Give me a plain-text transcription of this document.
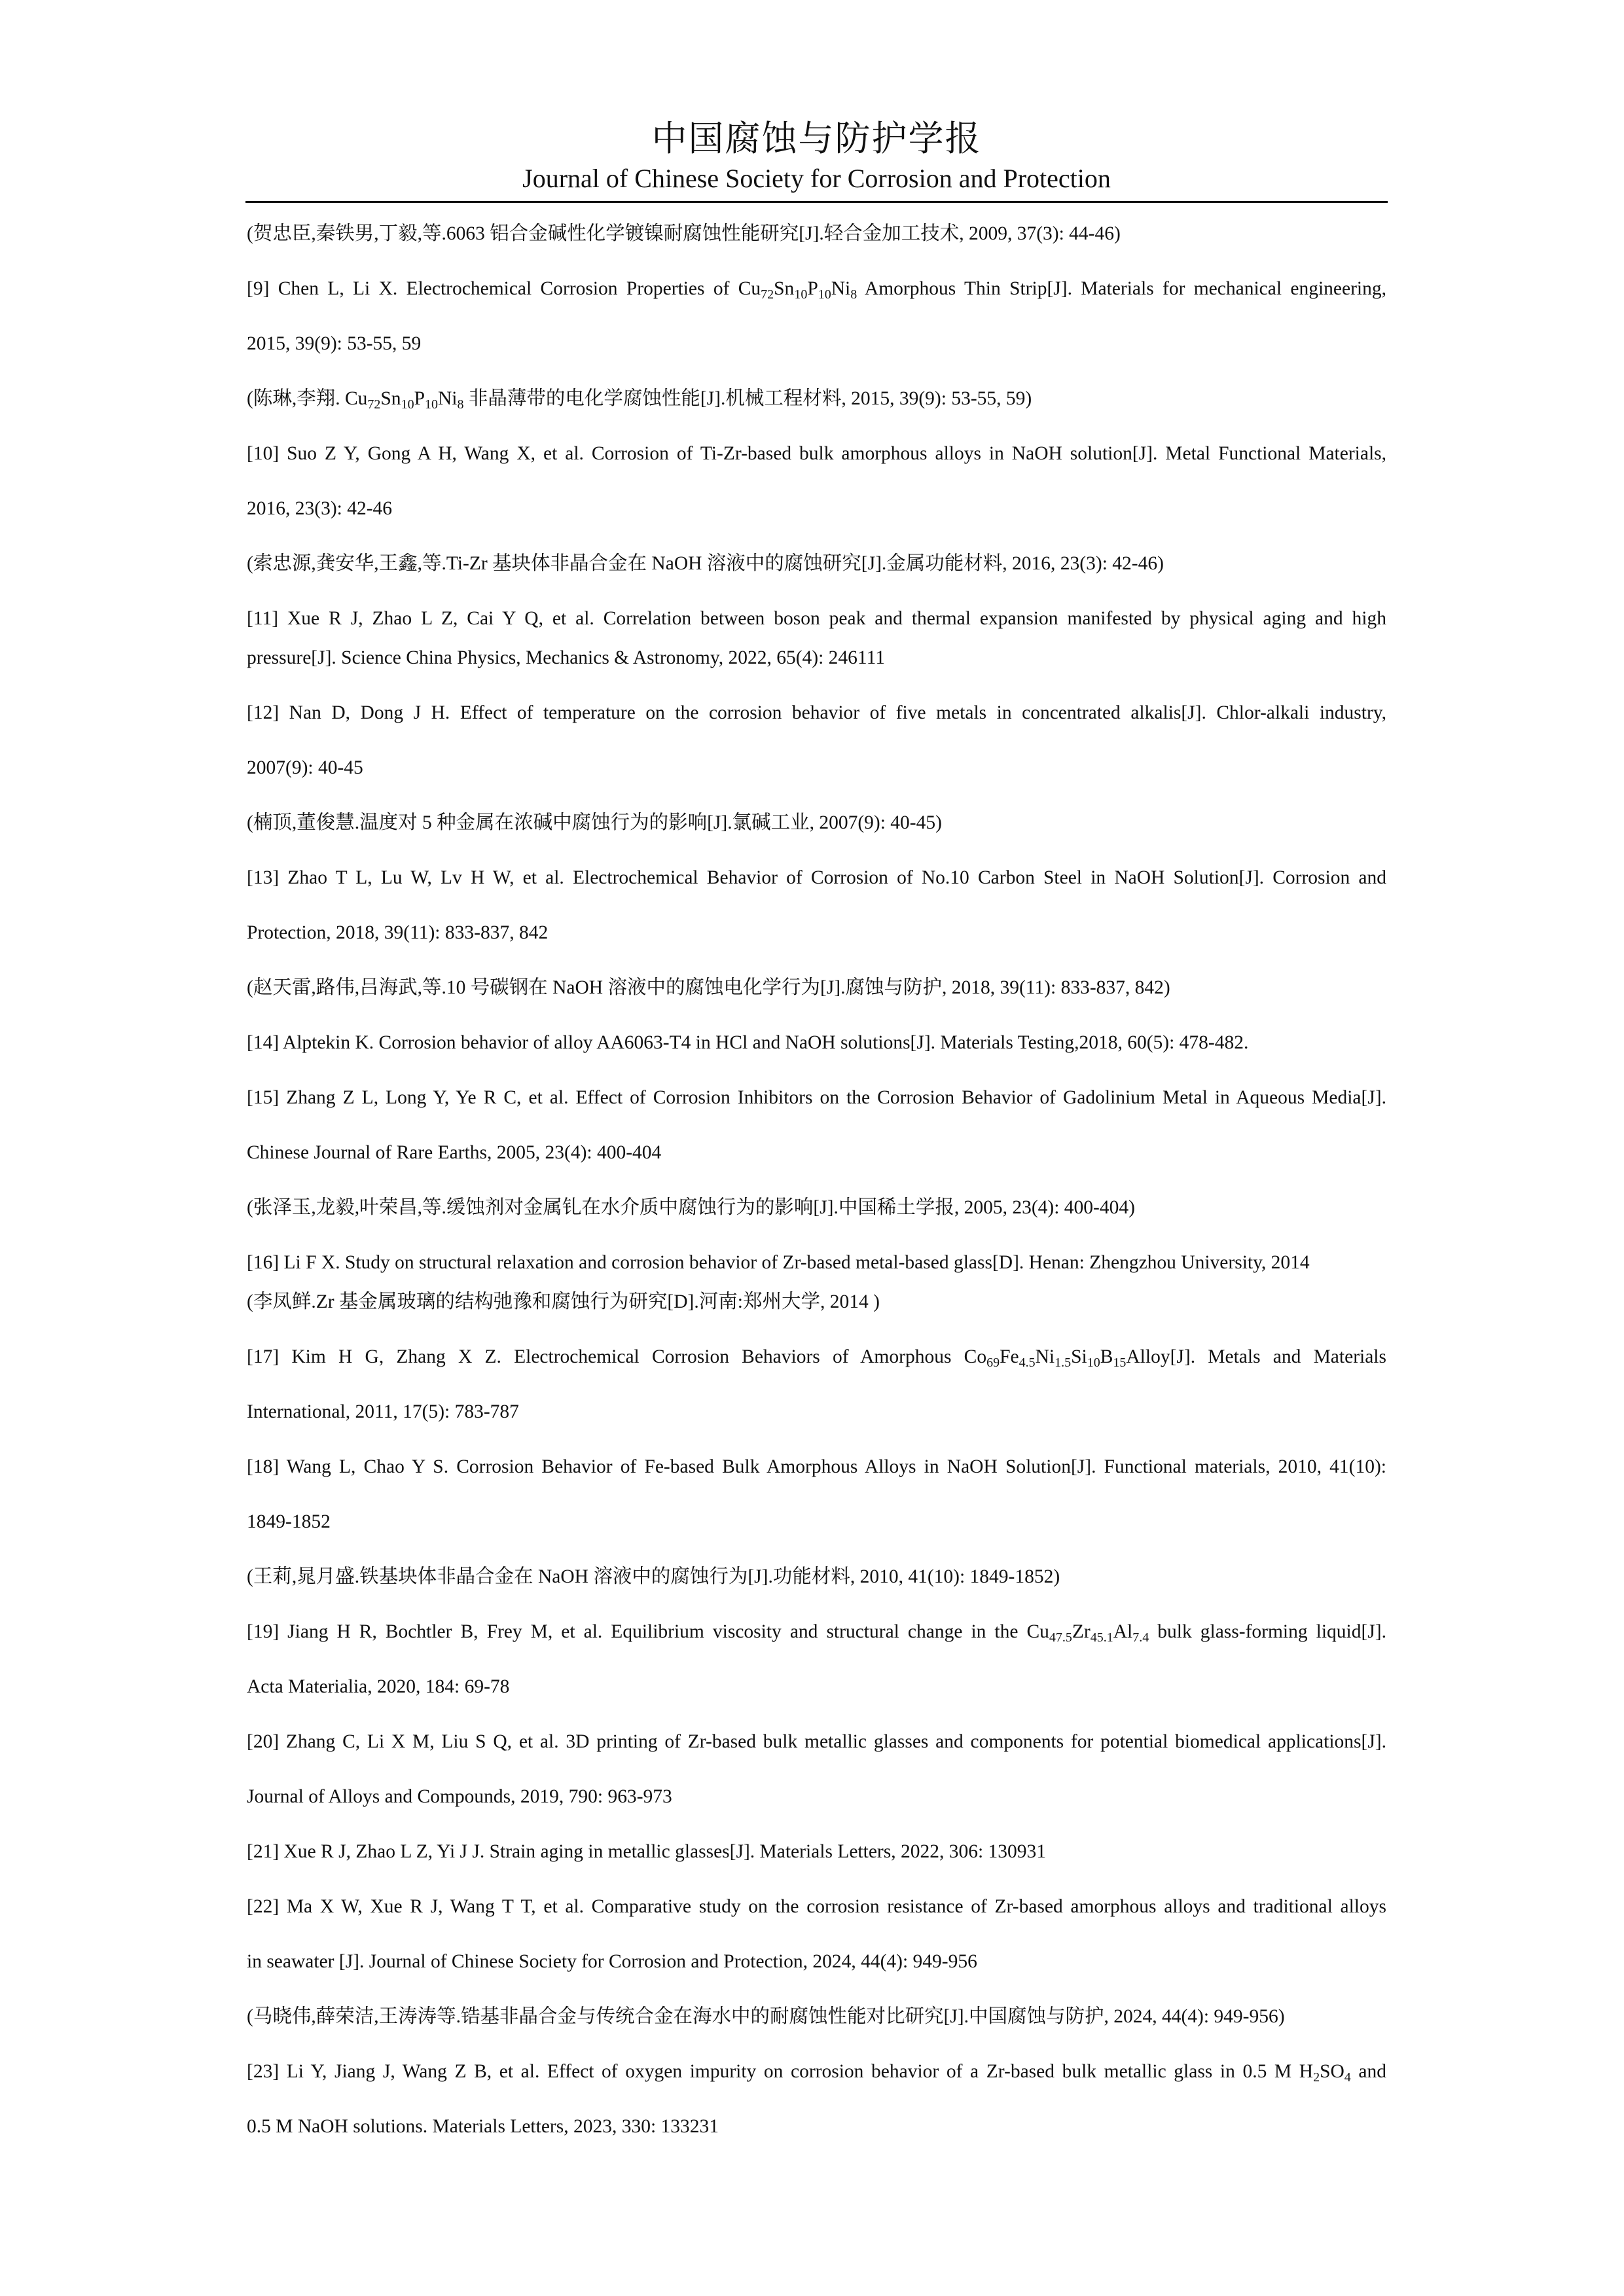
中国腐蚀与防护学报
Journal of Chinese Society for Corrosion and Protection
(贺忠臣,秦铁男,丁毅,等.6063 铝合金碱性化学镀镍耐腐蚀性能研究[J].轻合金加工技术, 2009, 37(3): 44-46)
[9] Chen L, Li X. Electrochemical Corrosion Properties of $Cu_{72}Sn_{10}P_{10}Ni_8$ Amorphous Thin Strip[J]. Materials for mechanical engineering,
2015, 39(9): 53-55, 59
(陈琳,李翔. $Cu_{72}Sn_{10}P_{10}Ni_8$ 非晶薄带的电化学腐蚀性能[J].机械工程材料, 2015, 39(9): 53-55, 59)
[10] Suo Z Y, Gong A H, Wang X, et al. Corrosion of Ti-Zr-based bulk amorphous alloys in NaOH solution[J]. Metal Functional Materials,
2016, 23(3): 42-46
(索忠源,龚安华,王鑫,等.Ti-Zr 基块体非晶合金在 NaOH 溶液中的腐蚀研究[J].金属功能材料, 2016, 23(3): 42-46)
[11] Xue R J, Zhao L Z, Cai Y Q, et al. Correlation between boson peak and thermal expansion manifested by physical aging and high
pressure[J]. Science China Physics, Mechanics & Astronomy, 2022, 65(4): 246111
[12] Nan D, Dong J H. Effect of temperature on the corrosion behavior of five metals in concentrated alkalis[J]. Chlor-alkali industry,
2007(9): 40-45
(楠顶,董俊慧.温度对 5 种金属在浓碱中腐蚀行为的影响[J].氯碱工业, 2007(9): 40-45)
[13] Zhao T L, Lu W, Lv H W, et al. Electrochemical Behavior of Corrosion of No.10 Carbon Steel in NaOH Solution[J]. Corrosion and
Protection, 2018, 39(11): 833-837, 842
(赵天雷,路伟,吕海武,等.10 号碳钢在 NaOH 溶液中的腐蚀电化学行为[J].腐蚀与防护, 2018, 39(11): 833-837, 842)
[14] Alptekin K. Corrosion behavior of alloy AA6063-T4 in HCl and NaOH solutions[J]. Materials Testing,2018, 60(5): 478-482.
[15] Zhang Z L, Long Y, Ye R C, et al. Effect of Corrosion Inhibitors on the Corrosion Behavior of Gadolinium Metal in Aqueous Media[J].
Chinese Journal of Rare Earths, 2005, 23(4): 400-404
(张泽玉,龙毅,叶荣昌,等.缓蚀剂对金属钆在水介质中腐蚀行为的影响[J].中国稀土学报, 2005, 23(4): 400-404)
[16] Li F X. Study on structural relaxation and corrosion behavior of Zr-based metal-based glass[D]. Henan: Zhengzhou University, 2014
(李凤鲜.Zr 基金属玻璃的结构弛豫和腐蚀行为研究[D].河南:郑州大学, 2014 )
[17] Kim H G, Zhang X Z. Electrochemical Corrosion Behaviors of Amorphous $Co_{69}Fe_{4.5}Ni_{1.5}Si_{10}B_{15}Alloy[J]$. Metals and Materials
International, 2011, 17(5): 783-787
[18] Wang L, Chao Y S. Corrosion Behavior of Fe-based Bulk Amorphous Alloys in NaOH Solution[J]. Functional materials, 2010, 41(10):
1849-1852
(王莉,晁月盛.铁基块体非晶合金在 NaOH 溶液中的腐蚀行为[J].功能材料, 2010, 41(10): 1849-1852)
[19] Jiang H R, Bochtler B, Frey M, et al. Equilibrium viscosity and structural change in the $Cu_{47.5}Zr_{45.1}Al_{7.4}$ bulk glass-forming liquid[J].
Acta Materialia, 2020, 184: 69-78
[20] Zhang C, Li X M, Liu S Q, et al. 3D printing of Zr-based bulk metallic glasses and components for potential biomedical applications[J].
Journal of Alloys and Compounds, 2019, 790: 963-973
[21] Xue R J, Zhao L Z, Yi J J. Strain aging in metallic glasses[J]. Materials Letters, 2022, 306: 130931
[22] Ma X W, Xue R J, Wang T T, et al. Comparative study on the corrosion resistance of Zr-based amorphous alloys and traditional alloys
in seawater [J]. Journal of Chinese Society for Corrosion and Protection, 2024, 44(4): 949-956
(马晓伟,薛荣洁,王涛涛等.锆基非晶合金与传统合金在海水中的耐腐蚀性能对比研究[J].中国腐蚀与防护, 2024, 44(4): 949-956)
[23] Li Y, Jiang J, Wang Z B, et al. Effect of oxygen impurity on corrosion behavior of a Zr-based bulk metallic glass in 0.5 M $H_2SO_4$ and
0.5 M NaOH solutions. Materials Letters, 2023, 330: 133231
